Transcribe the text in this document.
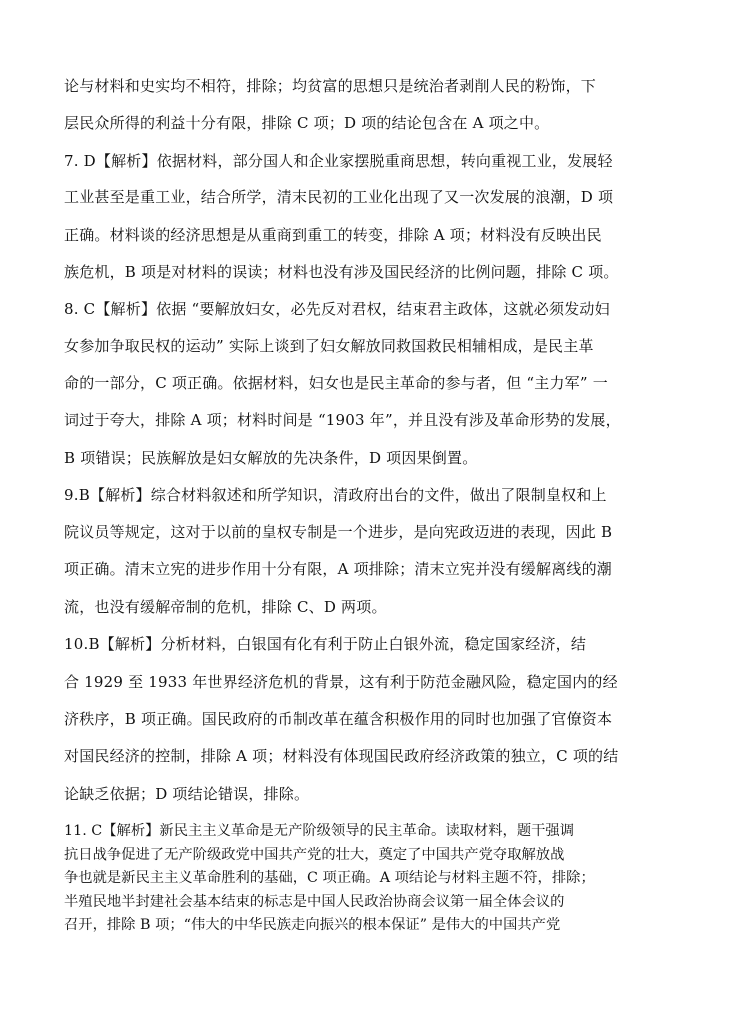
论与材料和史实均不相符，排除；均贫富的思想只是统治者剥削人民的粉饰，下
层民众所得的利益十分有限，排除 C 项；D 项的结论包含在 A 项之中。
7. D【解析】依据材料，部分国人和企业家摆脱重商思想，转向重视工业，发展轻
工业甚至是重工业，结合所学，清末民初的工业化出现了又一次发展的浪潮，D 项
正确。材料谈的经济思想是从重商到重工的转变，排除 A 项；材料没有反映出民
族危机，B 项是对材料的误读；材料也没有涉及国民经济的比例问题，排除 C 项。
8. C【解析】依据 “要解放妇女，必先反对君权，结束君主政体，这就必须发动妇
女参加争取民权的运动” 实际上谈到了妇女解放同救国救民相辅相成，是民主革
命的一部分，C 项正确。依据材料，妇女也是民主革命的参与者，但 “主力军” 一
词过于夸大，排除 A 项；材料时间是 “1903 年”，并且没有涉及革命形势的发展，
B 项错误；民族解放是妇女解放的先决条件，D 项因果倒置。
9.B【解析】综合材料叙述和所学知识，清政府出台的文件，做出了限制皇权和上
院议员等规定，这对于以前的皇权专制是一个进步，是向宪政迈进的表现，因此 B
项正确。清末立宪的进步作用十分有限，A 项排除；清末立宪并没有缓解离线的潮
流，也没有缓解帝制的危机，排除 C、D 两项。
10.B【解析】分析材料，白银国有化有利于防止白银外流，稳定国家经济，结
合 1929 至 1933 年世界经济危机的背景，这有利于防范金融风险，稳定国内的经
济秩序，B 项正确。国民政府的币制改革在蕴含积极作用的同时也加强了官僚资本
对国民经济的控制，排除 A 项；材料没有体现国民政府经济政策的独立，C 项的结
论缺乏依据；D 项结论错误，排除。
11. C【解析】新民主主义革命是无产阶级领导的民主革命。读取材料，题干强调
抗日战争促进了无产阶级政党中国共产党的壮大，奠定了中国共产党夺取解放战
争也就是新民主主义革命胜利的基础，C 项正确。A 项结论与材料主题不符，排除；
半殖民地半封建社会基本结束的标志是中国人民政治协商会议第一届全体会议的
召开，排除 B 项；“伟大的中华民族走向振兴的根本保证” 是伟大的中国共产党
